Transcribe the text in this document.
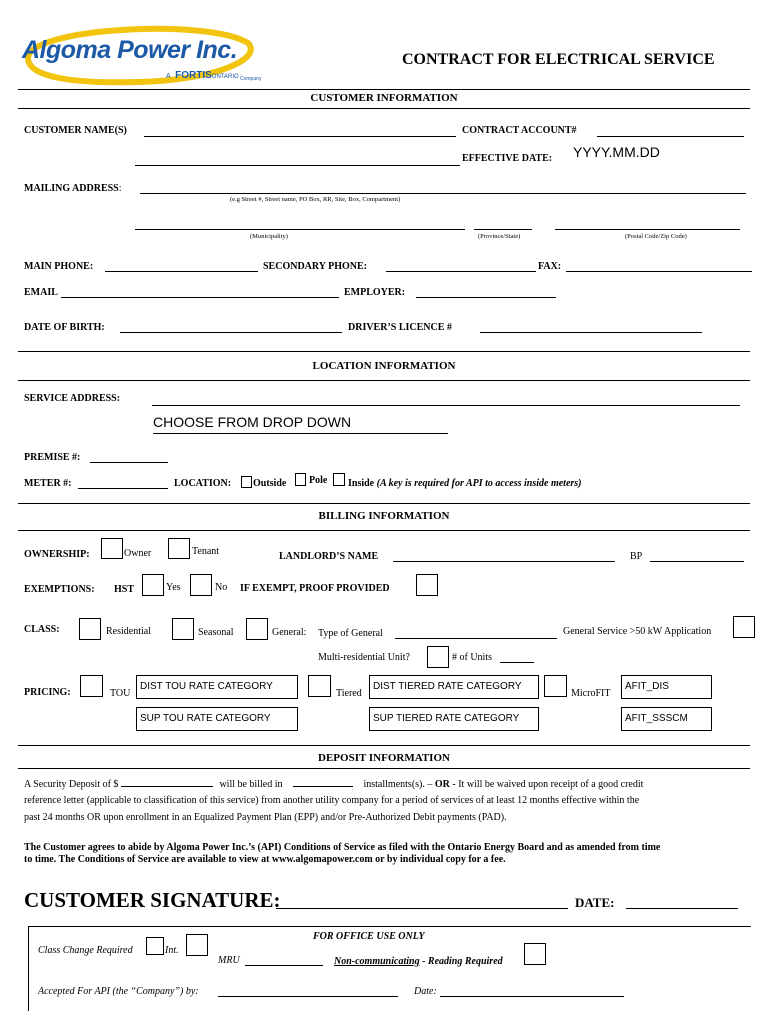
Algoma Power Inc.
A FORTISONTARIO Company
CONTRACT FOR ELECTRICAL SERVICE
CUSTOMER INFORMATION
CUSTOMER NAME(S)	CONTRACT ACCOUNT#
EFFECTIVE DATE: YYYY.MM.DD
MAILING ADDRESS:
(e.g Street #, Street name, PO Box, RR, Site, Box, Compartment)
(Municipality)	(Province/State)	(Postal Code/Zip Code)
MAIN PHONE:	SECONDARY PHONE:	FAX:
EMAIL	EMPLOYER:
DATE OF BIRTH:	DRIVER’S LICENCE #
LOCATION INFORMATION
SERVICE ADDRESS:
CHOOSE FROM DROP DOWN
PREMISE #:
METER #:	LOCATION: Outside Pole Inside (A key is required for API to access inside meters)
BILLING INFORMATION
OWNERSHIP:	Owner	Tenant	LANDLORD’S NAME	BP
EXEMPTIONS: HST	Yes	No IF EXEMPT, PROOF PROVIDED
CLASS:	Residential	Seasonal	General: Type of General	General Service >50 kW Application
Multi-residential Unit?	# of Units
PRICING:	TOU
DIST TOU RATE CATEGORY
SUP TOU RATE CATEGORY
Tiered
DIST TIERED RATE CATEGORY
SUP TIERED RATE CATEGORY
MicroFIT
AFIT_DIS
AFIT_SSSCM
DEPOSIT INFORMATION
A Security Deposit of $	will be billed in	installments(s). – OR - It will be waived upon receipt of a good credit
reference letter (applicable to classification of this service) from another utility company for a period of services of at least 12 months effective within the
past 24 months OR upon enrollment in an Equalized Payment Plan (EPP) and/or Pre-Authorized Debit payments (PAD).
The Customer agrees to abide by Algoma Power Inc.’s (API) Conditions of Service as filed with the Ontario Energy Board and as amended from time
to time. The Conditions of Service are available to view at www.algomapower.com or by individual copy for a fee.
CUSTOMER SIGNATURE:	DATE:
FOR OFFICE USE ONLY
Class Change Required	Int.
MRU	Non-communicating - Reading Required
Accepted For API (the “Company”) by:	Date:
